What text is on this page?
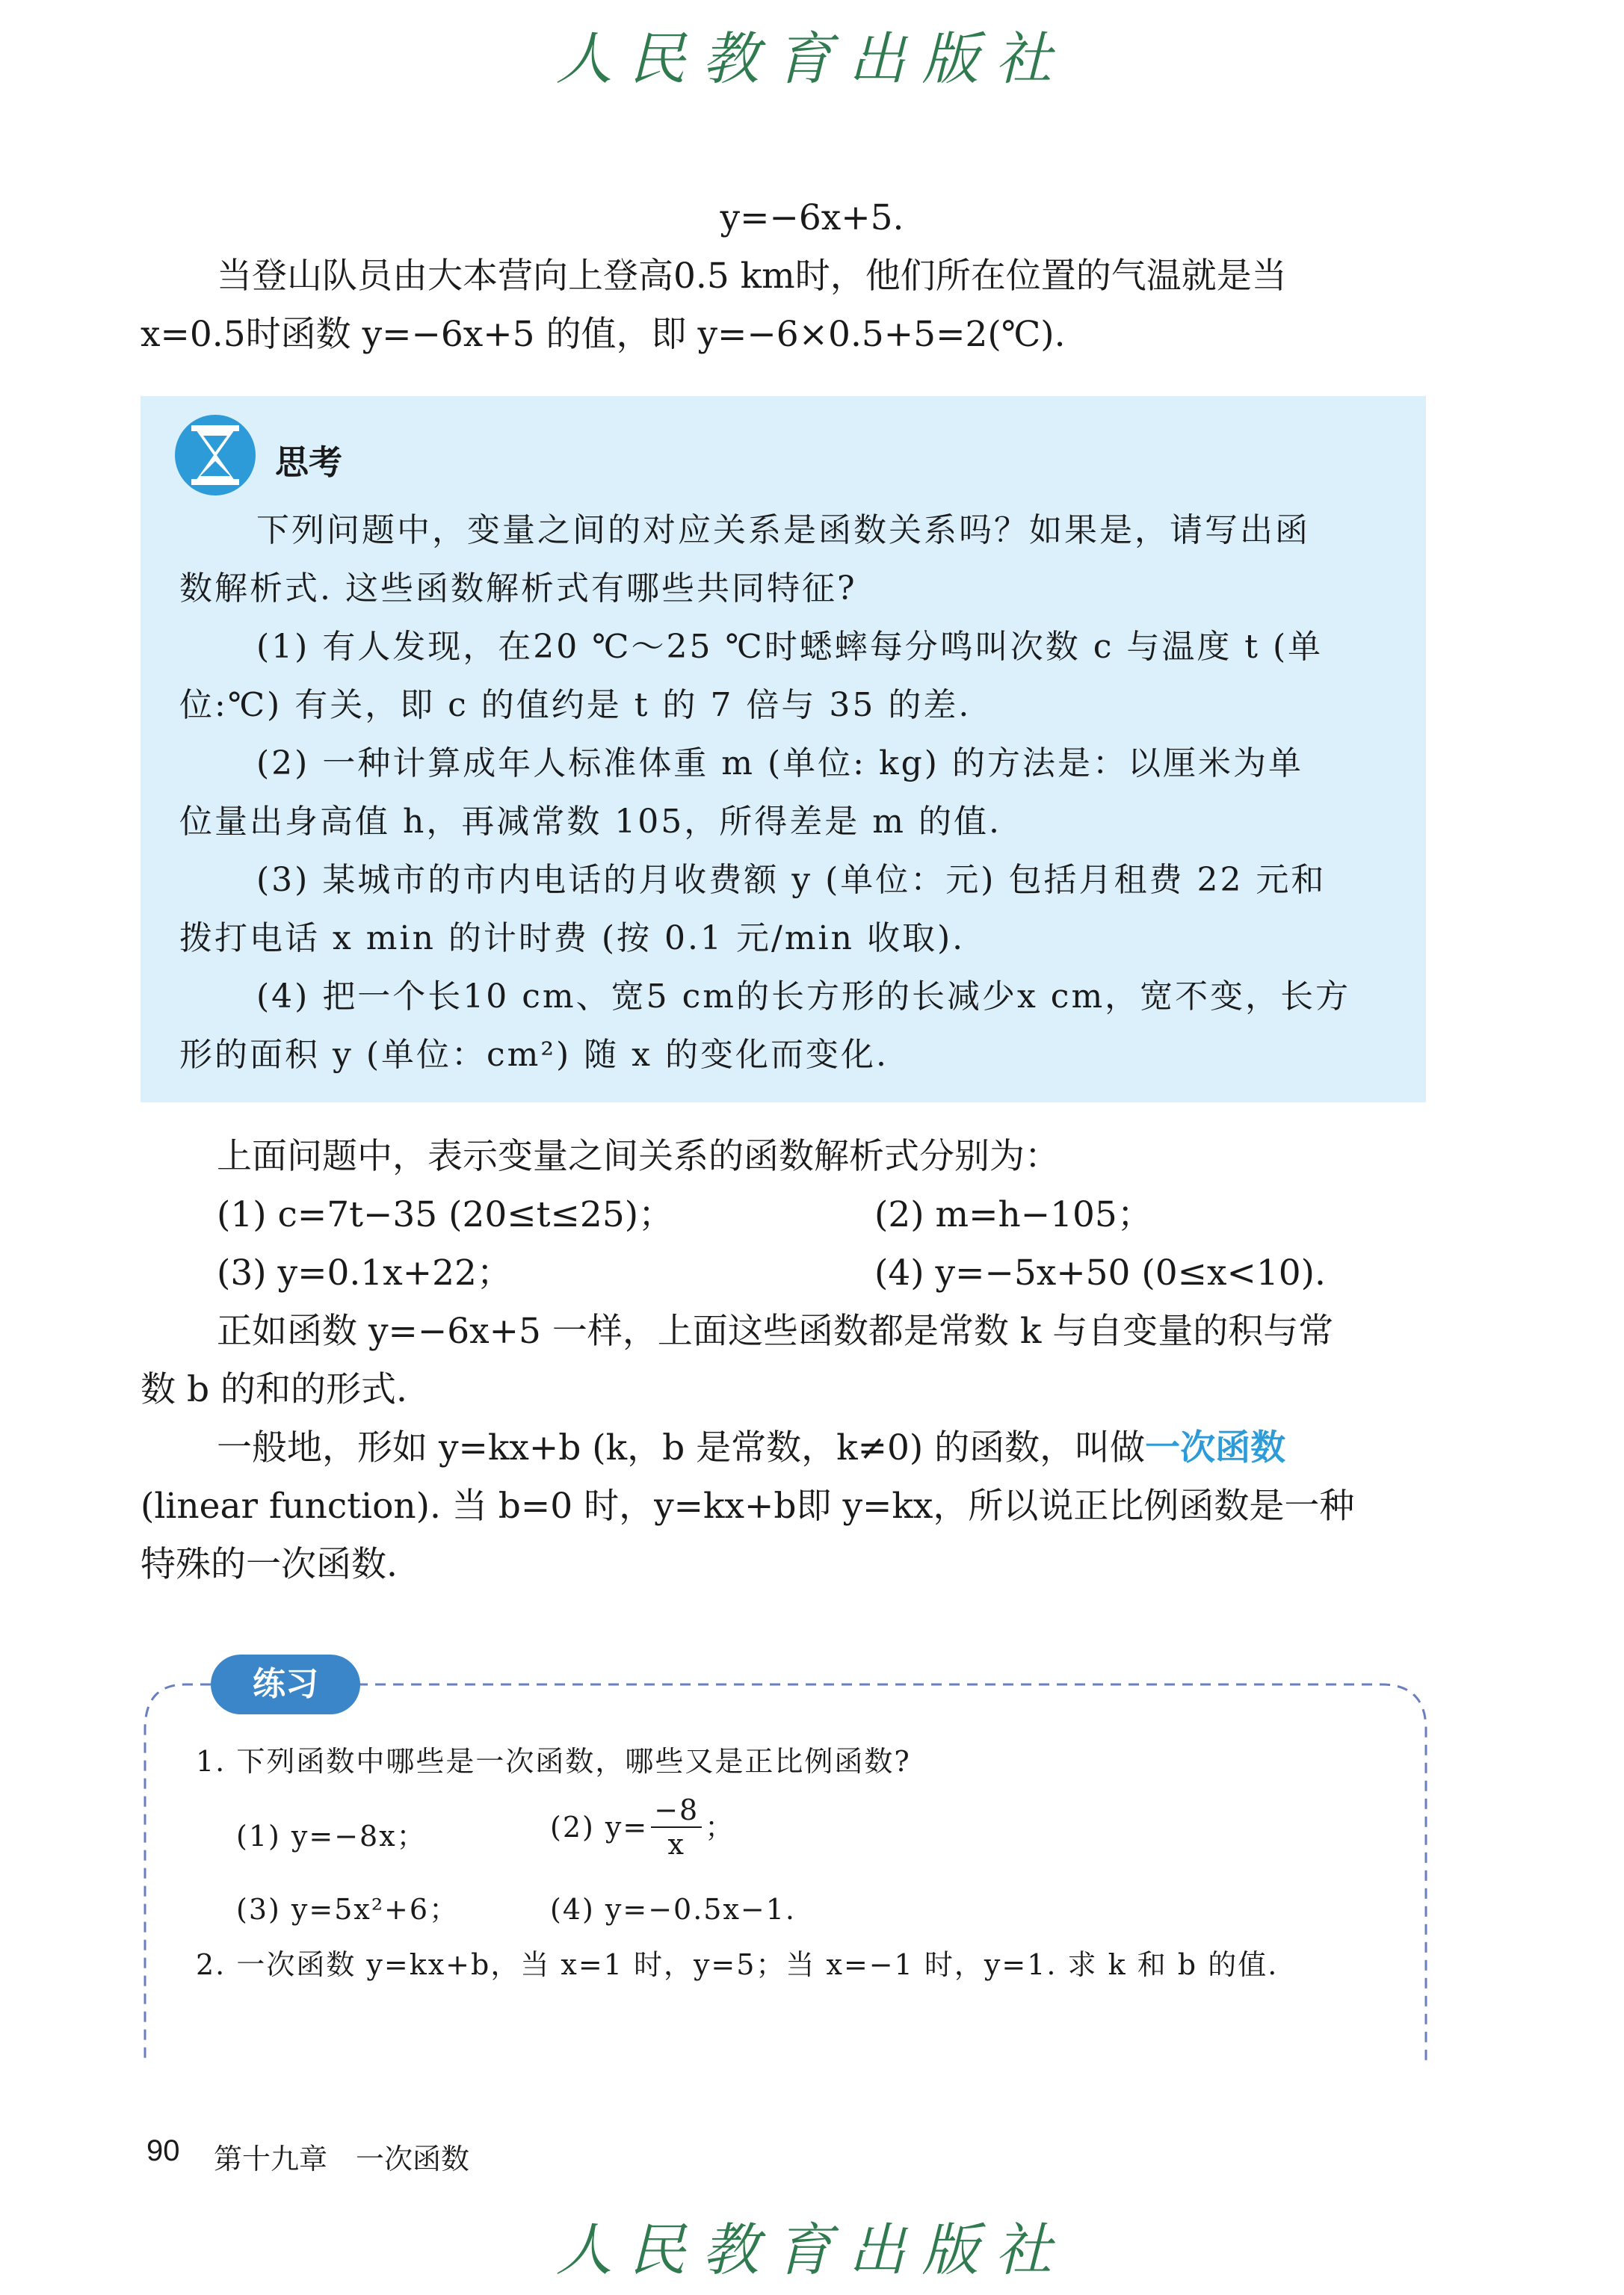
人民教育出版社
y=−6x+5.
当登山队员由大本营向上登高0.5 km时，他们所在位置的气温就是当
x=0.5时函数 y=−6x+5 的值，即 y=−6×0.5+5=2(℃).
思考
下列问题中，变量之间的对应关系是函数关系吗？如果是，请写出函
数解析式. 这些函数解析式有哪些共同特征?
(1) 有人发现，在20 ℃～25 ℃时蟋蟀每分鸣叫次数 c 与温度 t (单
位:℃) 有关，即 c 的值约是 t 的 7 倍与 35 的差.
(2) 一种计算成年人标准体重 m (单位: kg) 的方法是：以厘米为单
位量出身高值 h，再减常数 105，所得差是 m 的值.
(3) 某城市的市内电话的月收费额 y (单位：元) 包括月租费 22 元和
拨打电话 x min 的计时费 (按 0.1 元/min 收取).
(4) 把一个长10 cm、宽5 cm的长方形的长减少x cm，宽不变，长方
形的面积 y (单位：cm²) 随 x 的变化而变化.
上面问题中，表示变量之间关系的函数解析式分别为：
(1) c=7t−35 (20≤t≤25)；	(2) m=h−105；
(3) y=0.1x+22；	(4) y=−5x+50 (0≤x<10).
正如函数 y=−6x+5 一样，上面这些函数都是常数 k 与自变量的积与常
数 b 的和的形式.
一般地，形如 y=kx+b (k，b 是常数，k≠0) 的函数，叫做一次函数
(linear function). 当 b=0 时，y=kx+b即 y=kx，所以说正比例函数是一种
特殊的一次函数.
练习
1. 下列函数中哪些是一次函数，哪些又是正比例函数?
(1) y=−8x；	(2) $y= \frac{-8}{x}$ ；
(3) y=5x²+6；	(4) y=−0.5x−1.
2. 一次函数 y=kx+b，当 x=1 时，y=5；当 x=−1 时，y=1. 求 k 和 b 的值.
90 第十九章　一次函数
人民教育出版社
